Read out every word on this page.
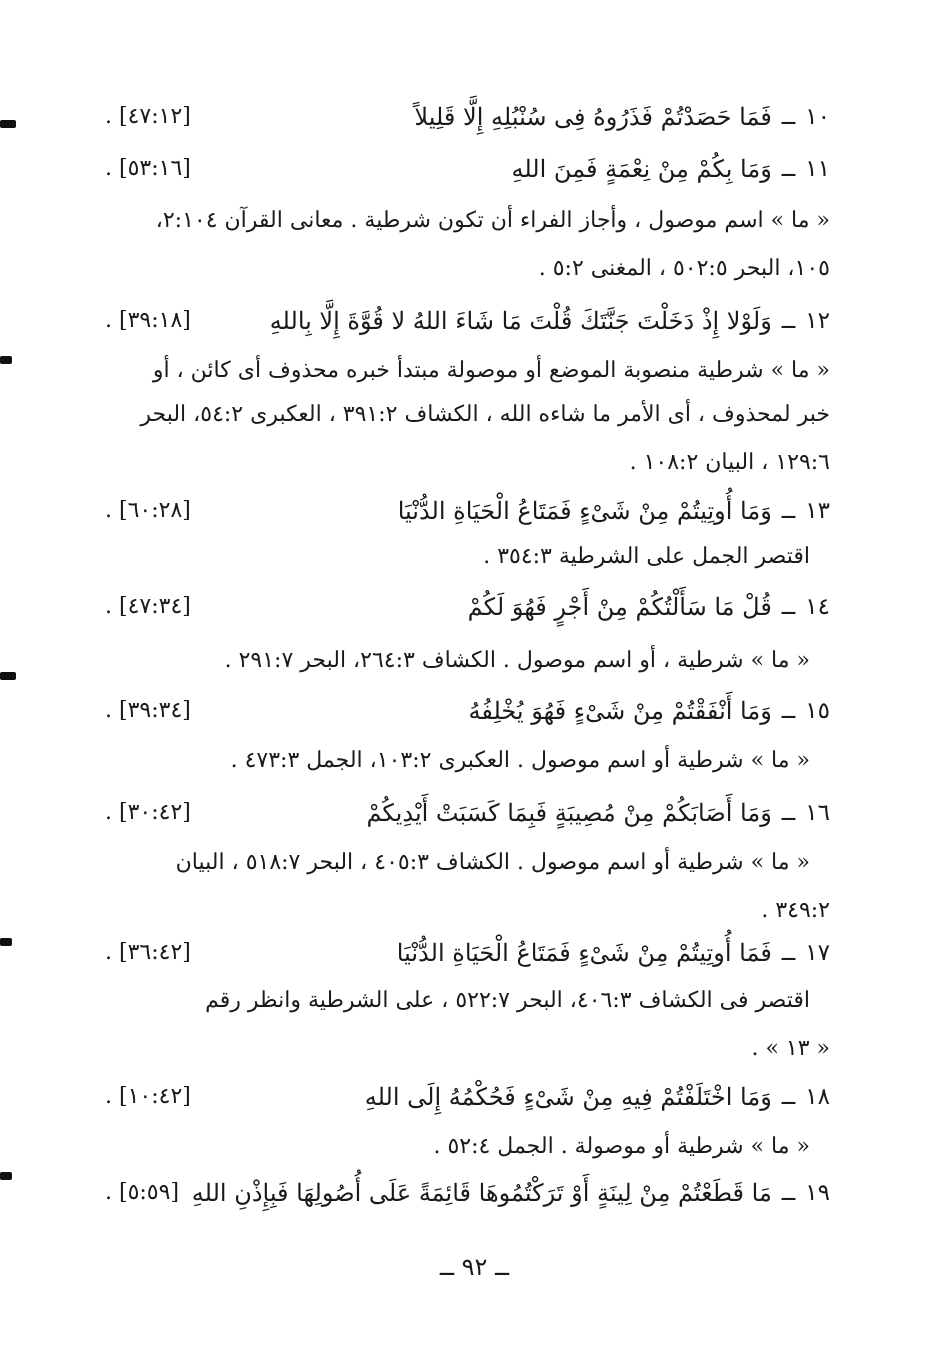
١٠
ــ
فَمَا حَصَدْتُمْ فَذَرُوهُ فِى سُنْبُلِهِ إِلَّا قَلِيلاً
[٤٧:١٢] .
١١
ــ
وَمَا بِكُمْ مِنْ نِعْمَةٍ فَمِنَ اللهِ
[٥٣:١٦] .
« ما » اسم موصول ، وأجاز الفراء أن تكون شرطية . معانى القرآن ٢:١٠٤،
١٠٥، البحر ٥٠٢:٥ ، المغنى ٥:٢ .
١٢
ــ
وَلَوْلا إِذْ دَخَلْتَ جَنَّتَكَ قُلْتَ مَا شَاءَ اللهُ لا قُوَّةَ إِلَّا بِاللهِ
[٣٩:١٨] .
« ما » شرطية منصوبة الموضع أو موصولة مبتدأ خبره محذوف أى كائن ، أو
خبر لمحذوف ، أى الأمر ما شاءه الله ، الكشاف ٣٩١:٢ ، العكبرى ٥٤:٢، البحر
١٢٩:٦ ، البيان ١٠٨:٢ .
١٣
ــ
وَمَا أُوتِيتُمْ مِنْ شَىْءٍ فَمَتَاعُ الْحَيَاةِ الدُّنْيَا
[٦٠:٢٨] .
اقتصر الجمل على الشرطية ٣٥٤:٣ .
١٤
ــ
قُلْ مَا سَأَلْتُكُمْ مِنْ أَجْرٍ فَهُوَ لَكُمْ
[٤٧:٣٤] .
« ما » شرطية ، أو اسم موصول . الكشاف ٢٦٤:٣، البحر ٢٩١:٧ .
١٥
ــ
وَمَا أَنْفَقْتُمْ مِنْ شَىْءٍ فَهُوَ يُخْلِفُهُ
[٣٩:٣٤] .
« ما » شرطية أو اسم موصول . العكبرى ١٠٣:٢، الجمل ٤٧٣:٣ .
١٦
ــ
وَمَا أَصَابَكُمْ مِنْ مُصِيبَةٍ فَبِمَا كَسَبَتْ أَيْدِيكُمْ
[٣٠:٤٢] .
« ما » شرطية أو اسم موصول . الكشاف ٤٠٥:٣ ، البحر ٥١٨:٧ ، البيان
٣٤٩:٢ .
١٧
ــ
فَمَا أُوتِيتُمْ مِنْ شَىْءٍ فَمَتَاعُ الْحَيَاةِ الدُّنْيَا
[٣٦:٤٢] .
اقتصر فى الكشاف ٤٠٦:٣، البحر ٥٢٢:٧ ، على الشرطية وانظر رقم
« ١٣ » .
١٨
ــ
وَمَا اخْتَلَفْتُمْ فِيهِ مِنْ شَىْءٍ فَحُكْمُهُ إِلَى اللهِ
[١٠:٤٢] .
« ما » شرطية أو موصولة . الجمل ٥٢:٤ .
١٩
ــ
مَا قَطَعْتُمْ مِنْ لِينَةٍ أَوْ تَرَكْتُمُوهَا قَائِمَةً عَلَى أُصُولِهَا فَبِإِذْنِ اللهِ
[٥:٥٩] .
ــ ٩٢ ــ
